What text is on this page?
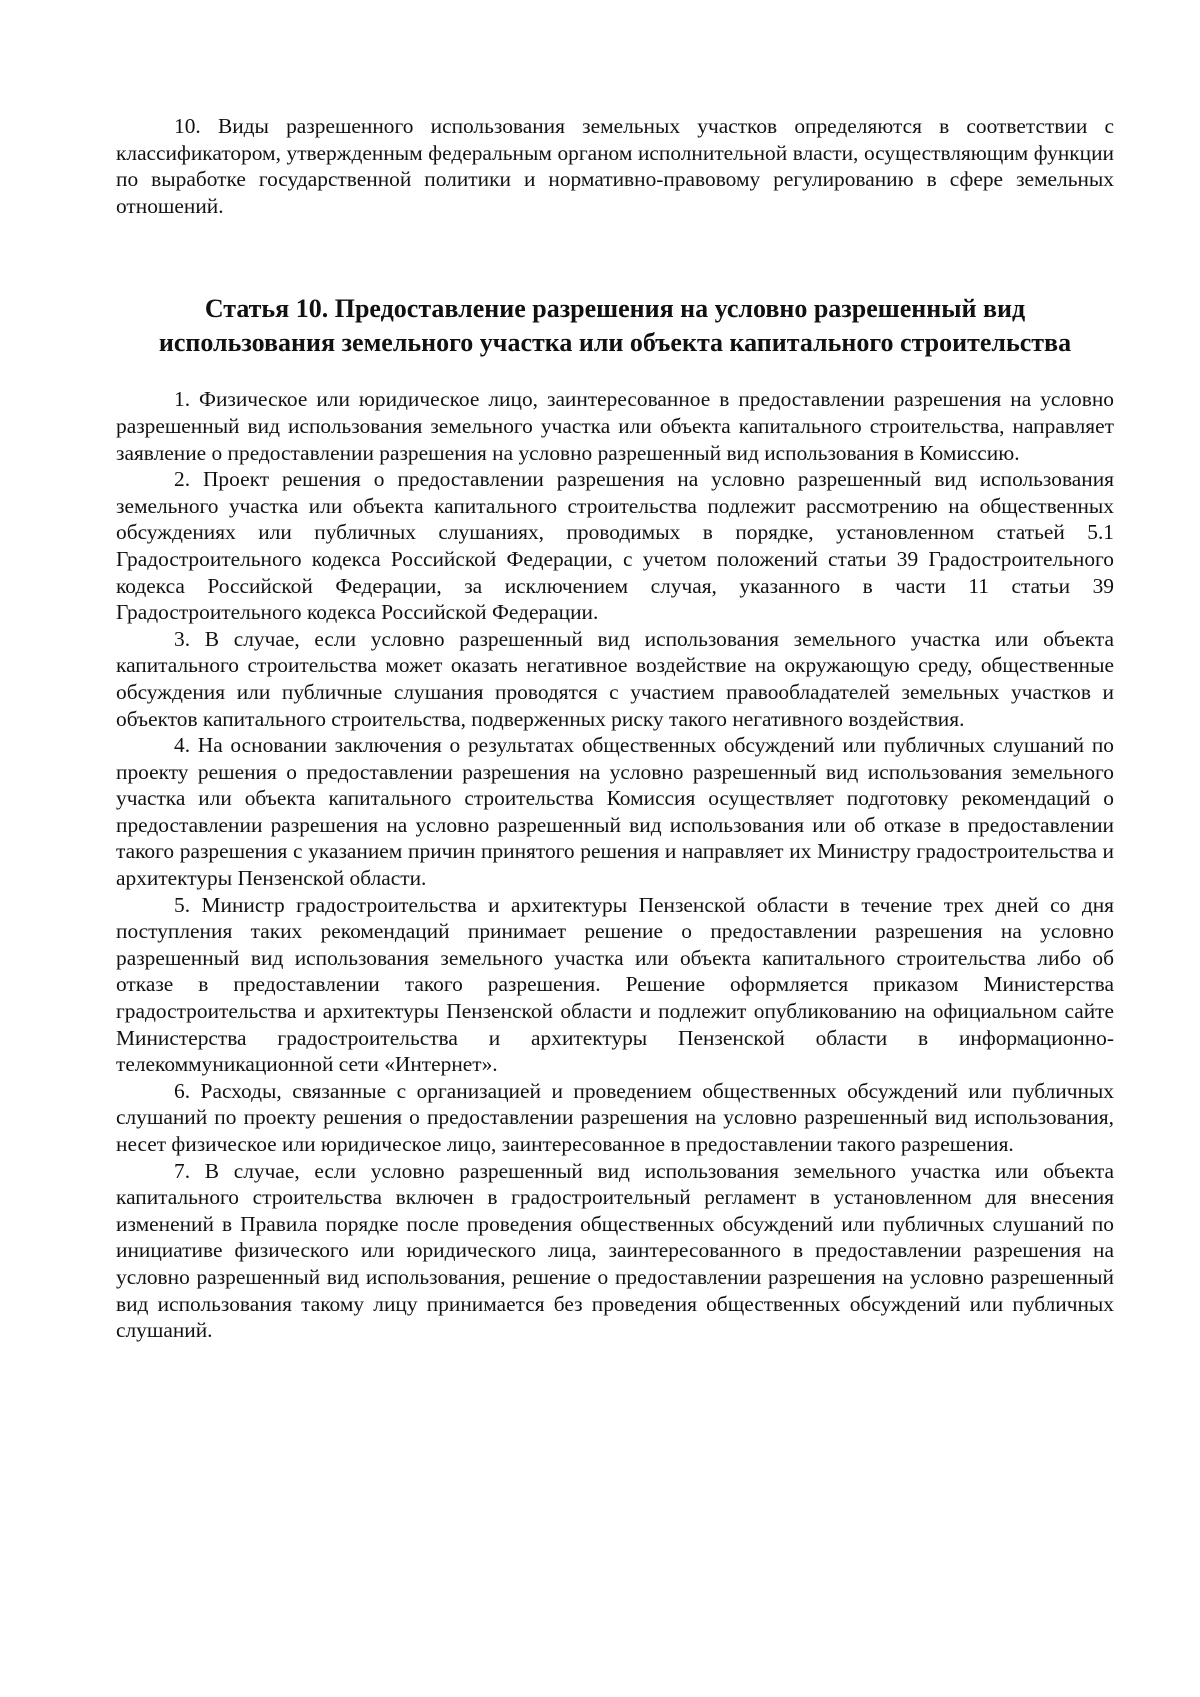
10. Виды разрешенного использования земельных участков определяются в соответствии с классификатором, утвержденным федеральным органом исполнительной власти, осуществляющим функции по выработке государственной политики и нормативно-правовому регулированию в сфере земельных отношений.

Статья 10. Предоставление разрешения на условно разрешенный вид использования земельного участка или объекта капитального строительства

1. Физическое или юридическое лицо, заинтересованное в предоставлении разрешения на условно разрешенный вид использования земельного участка или объекта капитального строительства, направляет заявление о предоставлении разрешения на условно разрешенный вид использования в Комиссию.

2. Проект решения о предоставлении разрешения на условно разрешенный вид использования земельного участка или объекта капитального строительства подлежит рассмотрению на общественных обсуждениях или публичных слушаниях, проводимых в порядке, установленном статьей 5.1 Градостроительного кодекса Российской Федерации, с учетом положений статьи 39 Градостроительного кодекса Российской Федерации, за исключением случая, указанного в части 11 статьи 39 Градостроительного кодекса Российской Федерации.

3. В случае, если условно разрешенный вид использования земельного участка или объекта капитального строительства может оказать негативное воздействие на окружающую среду, общественные обсуждения или публичные слушания проводятся с участием правообладателей земельных участков и объектов капитального строительства, подверженных риску такого негативного воздействия.

4. На основании заключения о результатах общественных обсуждений или публичных слушаний по проекту решения о предоставлении разрешения на условно разрешенный вид использования земельного участка или объекта капитального строительства Комиссия осуществляет подготовку рекомендаций о предоставлении разрешения на условно разрешенный вид использования или об отказе в предоставлении такого разрешения с указанием причин принятого решения и направляет их Министру градостроительства и архитектуры Пензенской области.

5. Министр градостроительства и архитектуры Пензенской области в течение трех дней со дня поступления таких рекомендаций принимает решение о предоставлении разрешения на условно разрешенный вид использования земельного участка или объекта капитального строительства либо об отказе в предоставлении такого разрешения. Решение оформляется приказом Министерства градостроительства и архитектуры Пензенской области и подлежит опубликованию на официальном сайте Министерства градостроительства и архитектуры Пензенской области в информационно-телекоммуникационной сети «Интернет».

6. Расходы, связанные с организацией и проведением общественных обсуждений или публичных слушаний по проекту решения о предоставлении разрешения на условно разрешенный вид использования, несет физическое или юридическое лицо, заинтересованное в предоставлении такого разрешения.

7. В случае, если условно разрешенный вид использования земельного участка или объекта капитального строительства включен в градостроительный регламент в установленном для внесения изменений в Правила порядке после проведения общественных обсуждений или публичных слушаний по инициативе физического или юридического лица, заинтересованного в предоставлении разрешения на условно разрешенный вид использования, решение о предоставлении разрешения на условно разрешенный вид использования такому лицу принимается без проведения общественных обсуждений или публичных слушаний.
